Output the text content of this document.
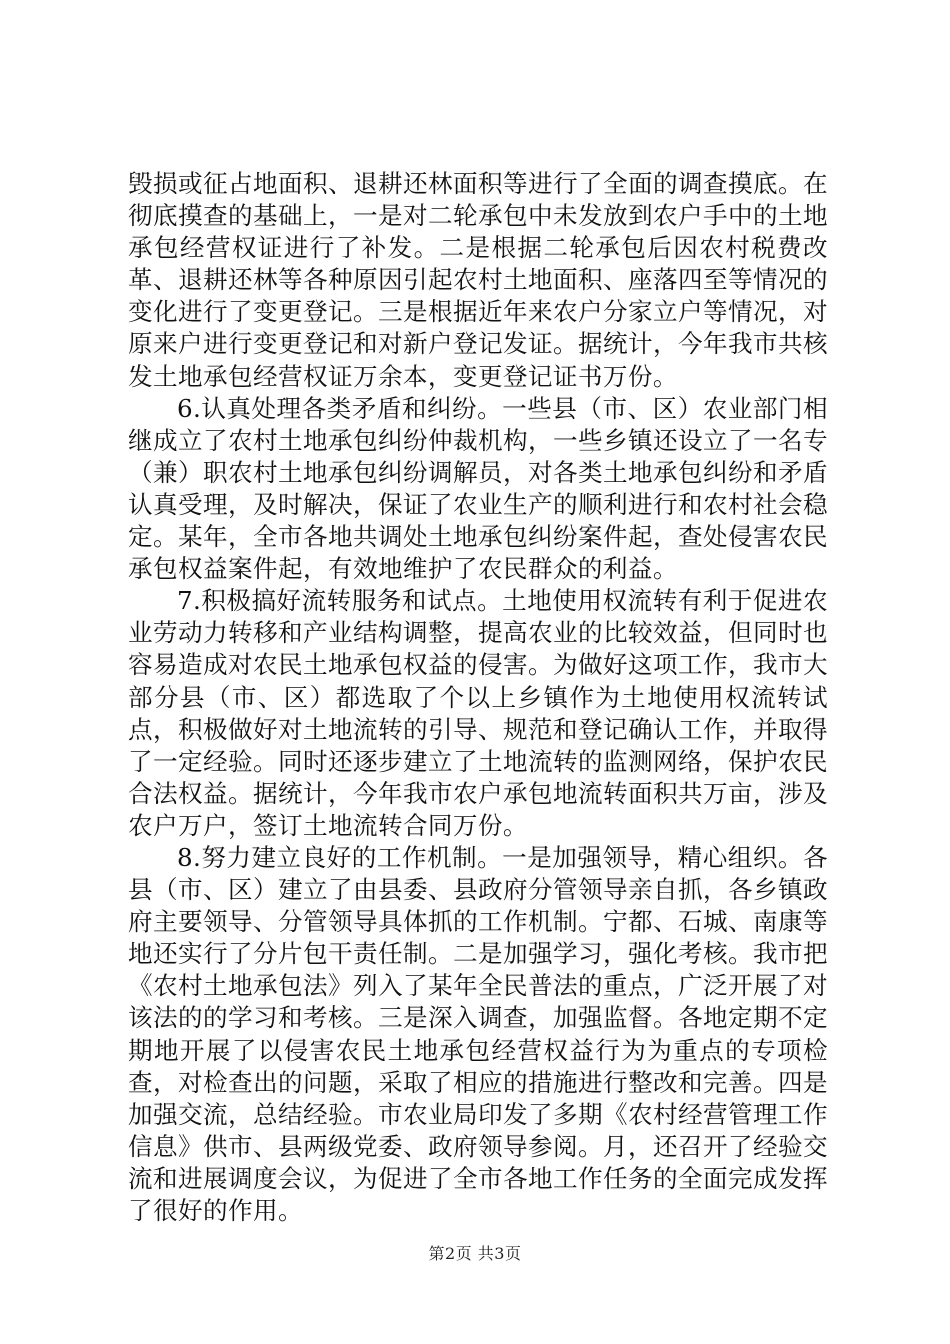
毁损或征占地面积、退耕还林面积等进行了全面的调查摸底。在彻底摸查的基础上，一是对二轮承包中未发放到农户手中的土地承包经营权证进行了补发。二是根据二轮承包后因农村税费改革、退耕还林等各种原因引起农村土地面积、座落四至等情况的变化进行了变更登记。三是根据近年来农户分家立户等情况，对原来户进行变更登记和对新户登记发证。据统计，今年我市共核发土地承包经营权证万余本，变更登记证书万份。

6.认真处理各类矛盾和纠纷。一些县（市、区）农业部门相继成立了农村土地承包纠纷仲裁机构，一些乡镇还设立了一名专（兼）职农村土地承包纠纷调解员，对各类土地承包纠纷和矛盾认真受理，及时解决，保证了农业生产的顺利进行和农村社会稳定。某年，全市各地共调处土地承包纠纷案件起，查处侵害农民承包权益案件起，有效地维护了农民群众的利益。

7.积极搞好流转服务和试点。土地使用权流转有利于促进农业劳动力转移和产业结构调整，提高农业的比较效益，但同时也容易造成对农民土地承包权益的侵害。为做好这项工作，我市大部分县（市、区）都选取了个以上乡镇作为土地使用权流转试点，积极做好对土地流转的引导、规范和登记确认工作，并取得了一定经验。同时还逐步建立了土地流转的监测网络，保护农民合法权益。据统计，今年我市农户承包地流转面积共万亩，涉及农户万户，签订土地流转合同万份。

8.努力建立良好的工作机制。一是加强领导，精心组织。各县（市、区）建立了由县委、县政府分管领导亲自抓，各乡镇政府主要领导、分管领导具体抓的工作机制。宁都、石城、南康等地还实行了分片包干责任制。二是加强学习，强化考核。我市把《农村土地承包法》列入了某年全民普法的重点，广泛开展了对该法的的学习和考核。三是深入调查，加强监督。各地定期不定期地开展了以侵害农民土地承包经营权益行为为重点的专项检查，对检查出的问题，采取了相应的措施进行整改和完善。四是加强交流，总结经验。市农业局印发了多期《农村经营管理工作信息》供市、县两级党委、政府领导参阅。月，还召开了经验交流和进展调度会议，为促进了全市各地工作任务的全面完成发挥了很好的作用。

第2页 共3页
